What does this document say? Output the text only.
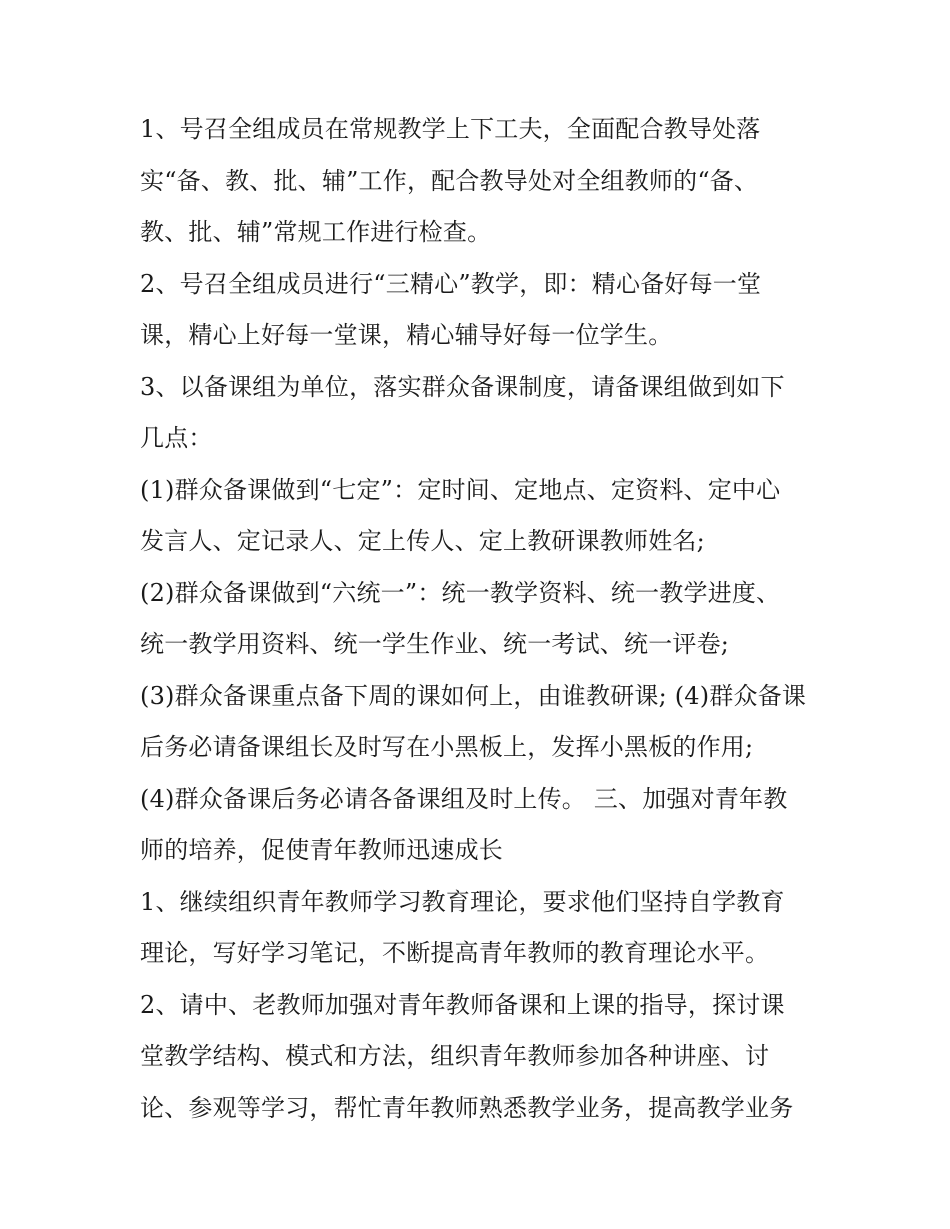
1、号召全组成员在常规教学上下工夫，全面配合教导处落
实“备、教、批、辅”工作，配合教导处对全组教师的“备、
教、批、辅”常规工作进行检查。
2、号召全组成员进行“三精心”教学，即：精心备好每一堂
课，精心上好每一堂课，精心辅导好每一位学生。
3、以备课组为单位，落实群众备课制度，请备课组做到如下
几点：
(1)群众备课做到“七定”：定时间、定地点、定资料、定中心
发言人、定记录人、定上传人、定上教研课教师姓名;
(2)群众备课做到“六统一”：统一教学资料、统一教学进度、
统一教学用资料、统一学生作业、统一考试、统一评卷;
(3)群众备课重点备下周的课如何上，由谁教研课; (4)群众备课
后务必请备课组长及时写在小黑板上，发挥小黑板的作用;
(4)群众备课后务必请各备课组及时上传。 三、加强对青年教
师的培养，促使青年教师迅速成长
1、继续组织青年教师学习教育理论，要求他们坚持自学教育
理论，写好学习笔记，不断提高青年教师的教育理论水平。
2、请中、老教师加强对青年教师备课和上课的指导，探讨课
堂教学结构、模式和方法，组织青年教师参加各种讲座、讨
论、参观等学习，帮忙青年教师熟悉教学业务，提高教学业务
